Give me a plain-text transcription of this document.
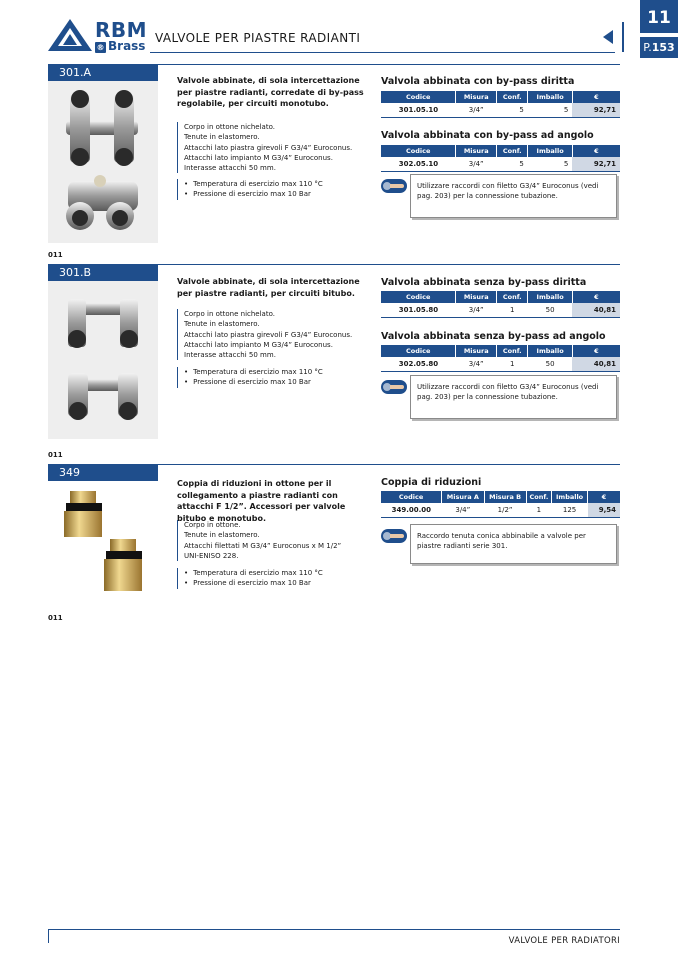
RBM
® Brass
VALVOLE PER PIASTRE RADIANTI
11
P.153
301.A
011
Valvole abbinate, di sola intercettazione per piastre radianti, corredate di by-pass regolabile, per circuiti monotubo.
Corpo in ottone nichelato.
Tenute in elastomero.
Attacchi lato piastra girevoli F G3/4” Euroconus.
Attacchi lato impianto M G3/4” Euroconus.
Interasse attacchi 50 mm.
• Temperatura di esercizio max 110 °C
• Pressione di esercizio max 10 Bar
Valvola abbinata con by-pass diritta
Codice	Misura	Conf.	Imballo	€
301.05.10	3/4”	5	5	92,71
Valvola abbinata con by-pass ad angolo
Codice	Misura	Conf.	Imballo	€
302.05.10	3/4”	5	5	92,71
Utilizzare raccordi con filetto G3/4” Euroconus (vedi pag. 203) per la connessione tubazione.
301.B
011
Valvole abbinate, di sola intercettazione per piastre radianti, per circuiti bitubo.
Corpo in ottone nichelato.
Tenute in elastomero.
Attacchi lato piastra girevoli F G3/4” Euroconus.
Attacchi lato impianto M G3/4” Euroconus.
Interasse attacchi 50 mm.
• Temperatura di esercizio max 110 °C
• Pressione di esercizio max 10 Bar
Valvola abbinata senza by-pass diritta
Codice	Misura	Conf.	Imballo	€
301.05.80	3/4”	1	50	40,81
Valvola abbinata senza by-pass ad angolo
Codice	Misura	Conf.	Imballo	€
302.05.80	3/4”	1	50	40,81
Utilizzare raccordi con filetto G3/4” Euroconus (vedi pag. 203) per la connessione tubazione.
349
011
Coppia di riduzioni in ottone per il collegamento a piastre radianti con attacchi F 1/2”. Accessori per valvole bitubo e monotubo.
Corpo in ottone.
Tenute in elastomero.
Attacchi filettati M G3/4” Euroconus x M 1/2”
UNI-ENISO 228.
• Temperatura di esercizio max 110 °C
• Pressione di esercizio max 10 Bar
Coppia di riduzioni
Codice	Misura A	Misura B	Conf.	Imballo	€
349.00.00	3/4”	1/2”	1	125	9,54
Raccordo tenuta conica abbinabile a valvole per piastre radianti serie 301.
VALVOLE PER RADIATORI
